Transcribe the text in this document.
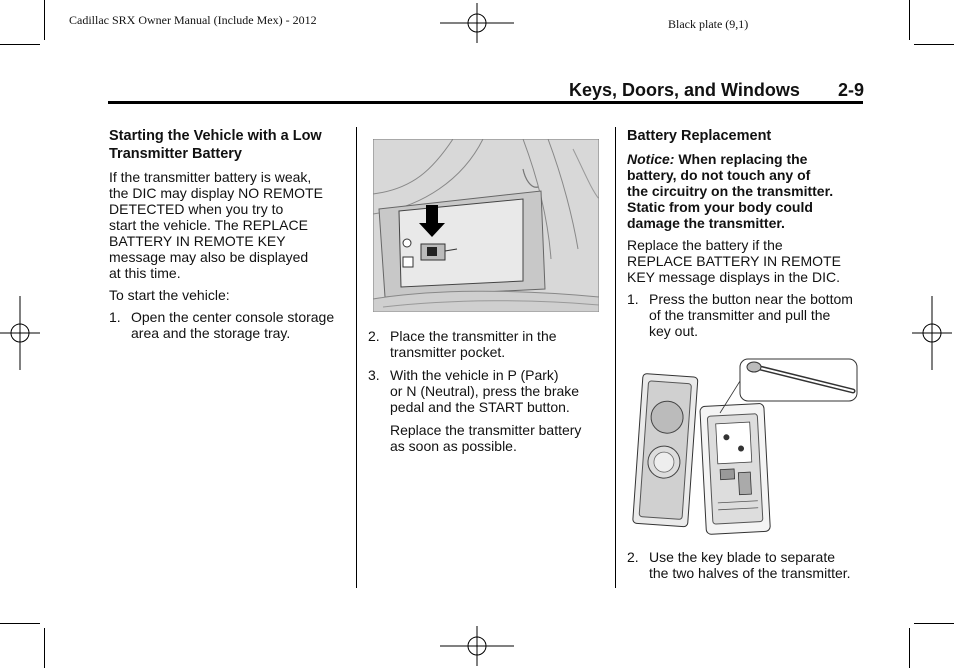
Cadillac SRX Owner Manual (Include Mex) - 2012	Black plate (9,1)
Keys, Doors, and Windows 2-9
Starting the Vehicle with a Low Transmitter Battery

If the transmitter battery is weak,
the DIC may display NO REMOTE
DETECTED when you try to
start the vehicle. The REPLACE
BATTERY IN REMOTE KEY
message may also be displayed
at this time.

To start the vehicle:

1. Open the center console storage
area and the storage tray.	2. Place the transmitter in the
transmitter pocket.
3. With the vehicle in P (Park)
or N (Neutral), press the brake
pedal and the START button.
Replace the transmitter battery
as soon as possible.
Battery Replacement

Notice: When replacing the
battery, do not touch any of
the circuitry on the transmitter.
Static from your body could
damage the transmitter.

Replace the battery if the
REPLACE BATTERY IN REMOTE
KEY message displays in the DIC.

1. Press the button near the bottom
of the transmitter and pull the
key out.
2. Use the key blade to separate
the two halves of the transmitter.
